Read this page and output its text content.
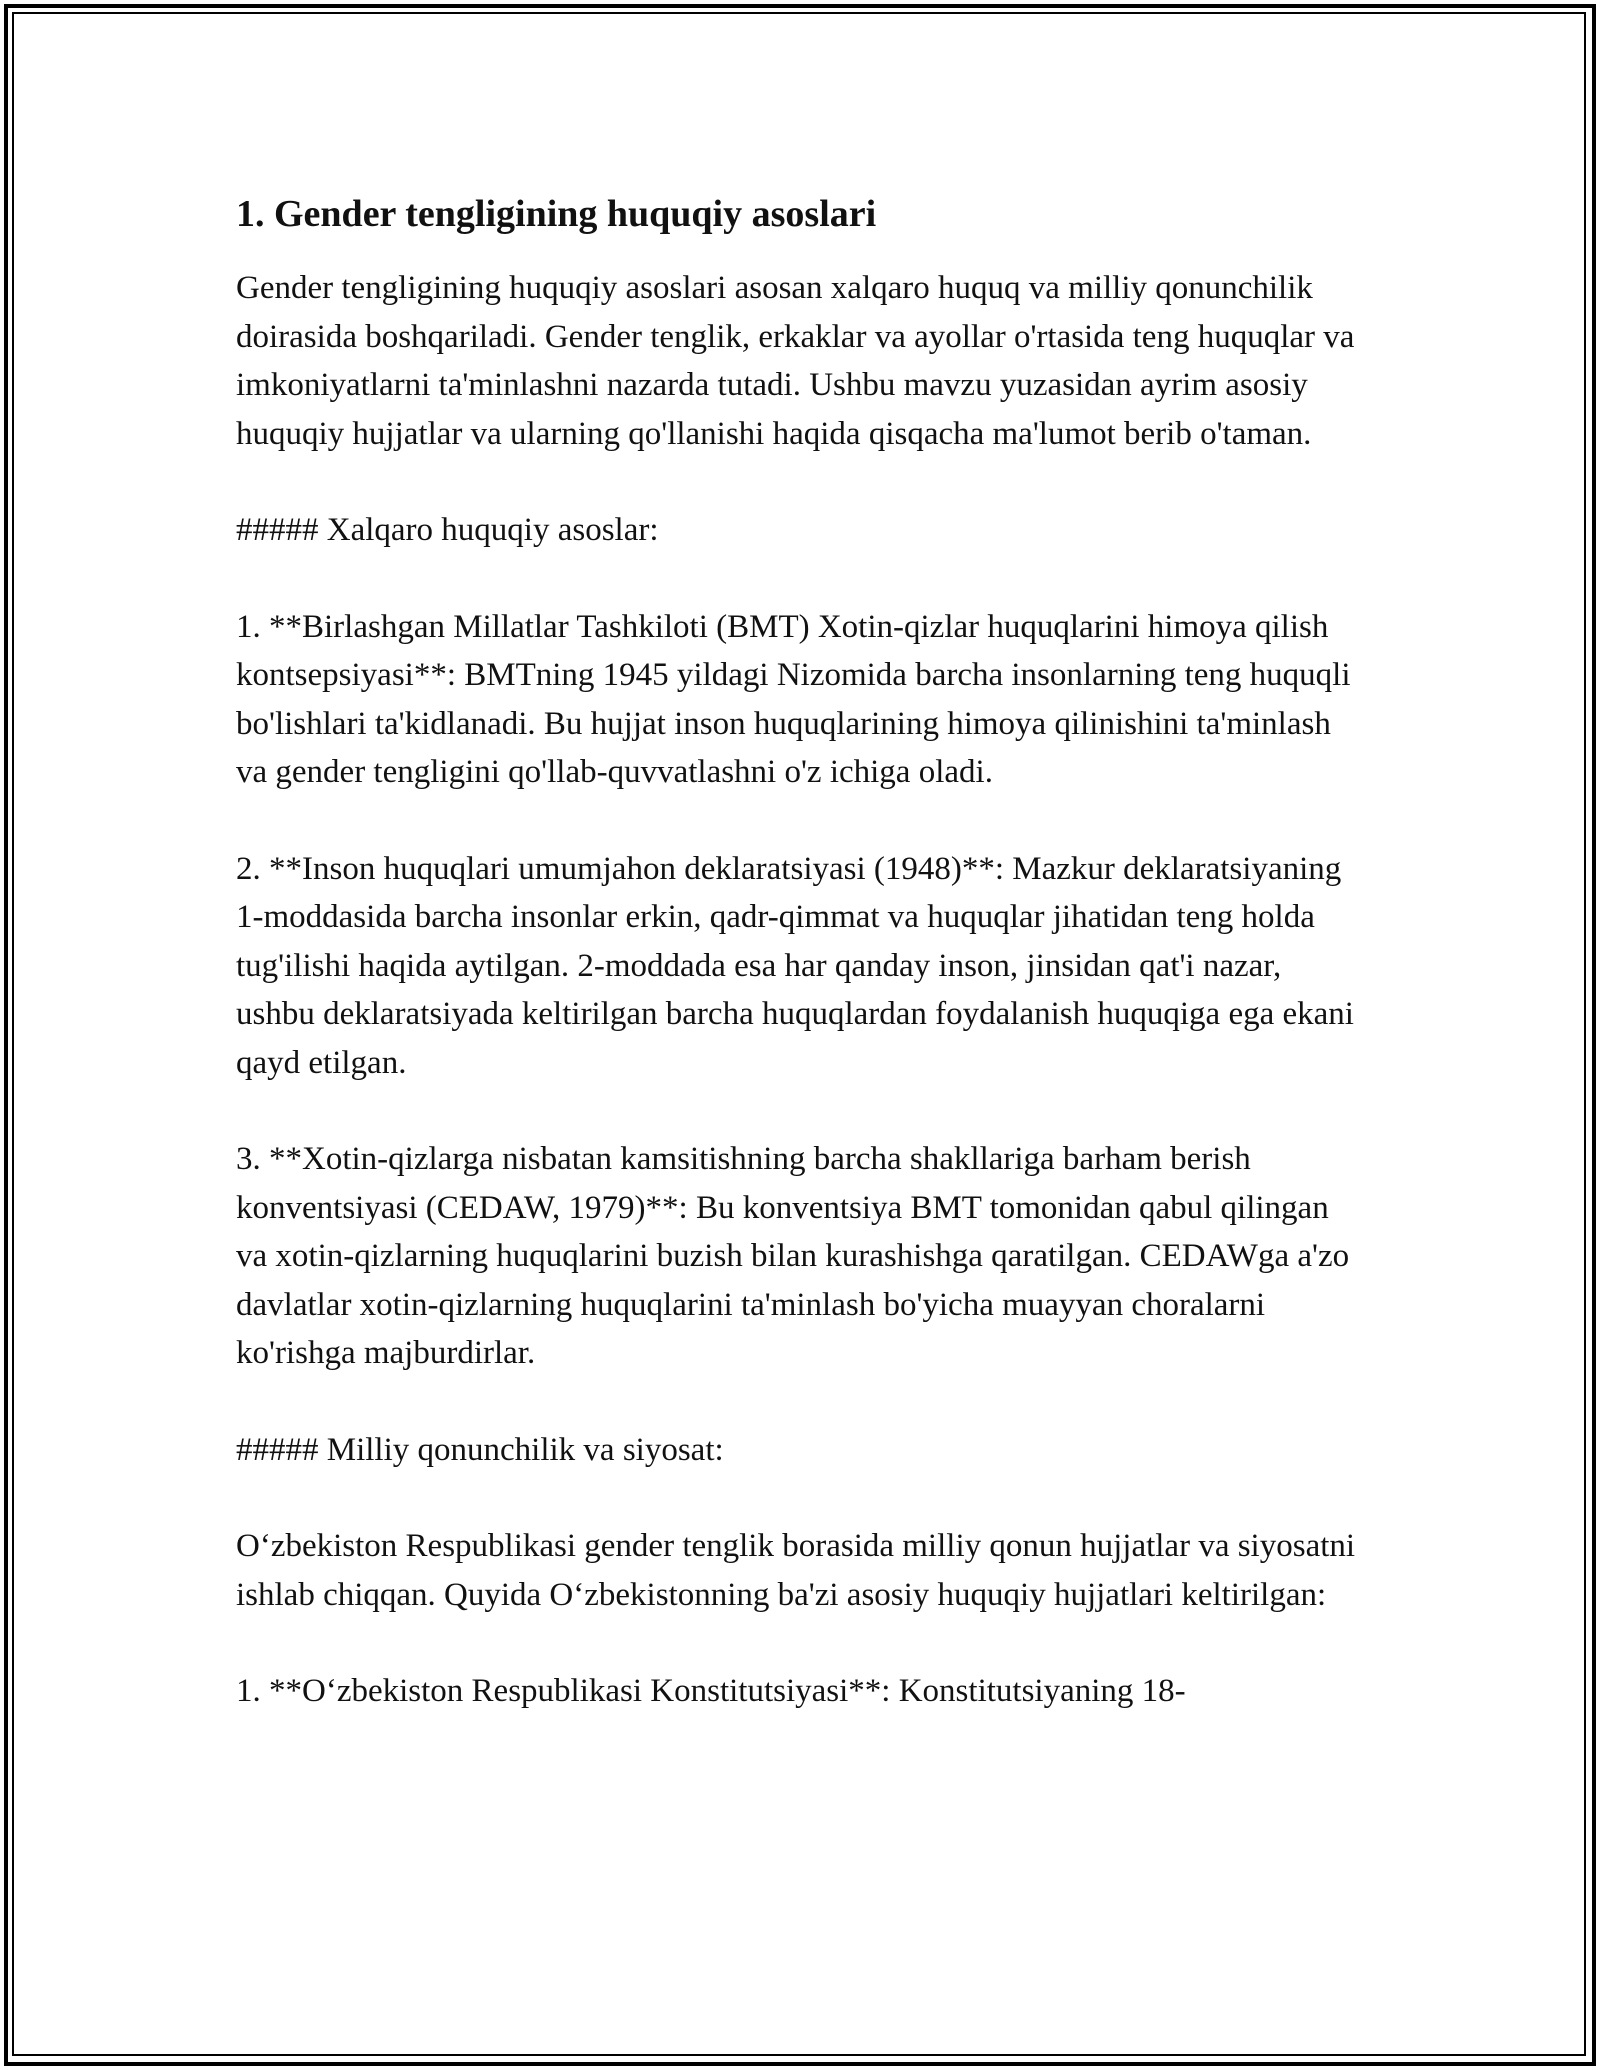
1. Gender tengligining huquqiy asoslari

Gender tengligining huquqiy asoslari asosan xalqaro huquq va milliy qonunchilik doirasida boshqariladi. Gender tenglik, erkaklar va ayollar o'rtasida teng huquqlar va imkoniyatlarni ta'minlashni nazarda tutadi. Ushbu mavzu yuzasidan ayrim asosiy huquqiy hujjatlar va ularning qo'llanishi haqida qisqacha ma'lumot berib o'taman.

##### Xalqaro huquqiy asoslar:

1. **Birlashgan Millatlar Tashkiloti (BMT) Xotin-qizlar huquqlarini himoya qilish kontsepsiyasi**: BMTning 1945 yildagi Nizomida barcha insonlarning teng huquqli bo'lishlari ta'kidlanadi. Bu hujjat inson huquqlarining himoya qilinishini ta'minlash va gender tengligini qo'llab-quvvatlashni o'z ichiga oladi.

2. **Inson huquqlari umumjahon deklaratsiyasi (1948)**: Mazkur deklaratsiyaning 1-moddasida barcha insonlar erkin, qadr-qimmat va huquqlar jihatidan teng holda tug'ilishi haqida aytilgan. 2-moddada esa har qanday inson, jinsidan qat'i nazar, ushbu deklaratsiyada keltirilgan barcha huquqlardan foydalanish huquqiga ega ekani qayd etilgan.

3. **Xotin-qizlarga nisbatan kamsitishning barcha shakllariga barham berish konventsiyasi (CEDAW, 1979)**: Bu konventsiya BMT tomonidan qabul qilingan va xotin-qizlarning huquqlarini buzish bilan kurashishga qaratilgan. CEDAWga a'zo davlatlar xotin-qizlarning huquqlarini ta'minlash bo'yicha muayyan choralarni ko'rishga majburdirlar.

##### Milliy qonunchilik va siyosat:

O‘zbekiston Respublikasi gender tenglik borasida milliy qonun hujjatlar va siyosatni ishlab chiqqan. Quyida O‘zbekistonning ba'zi asosiy huquqiy hujjatlari keltirilgan:

1. **O‘zbekiston Respublikasi Konstitutsiyasi**: Konstitutsiyaning 18-
